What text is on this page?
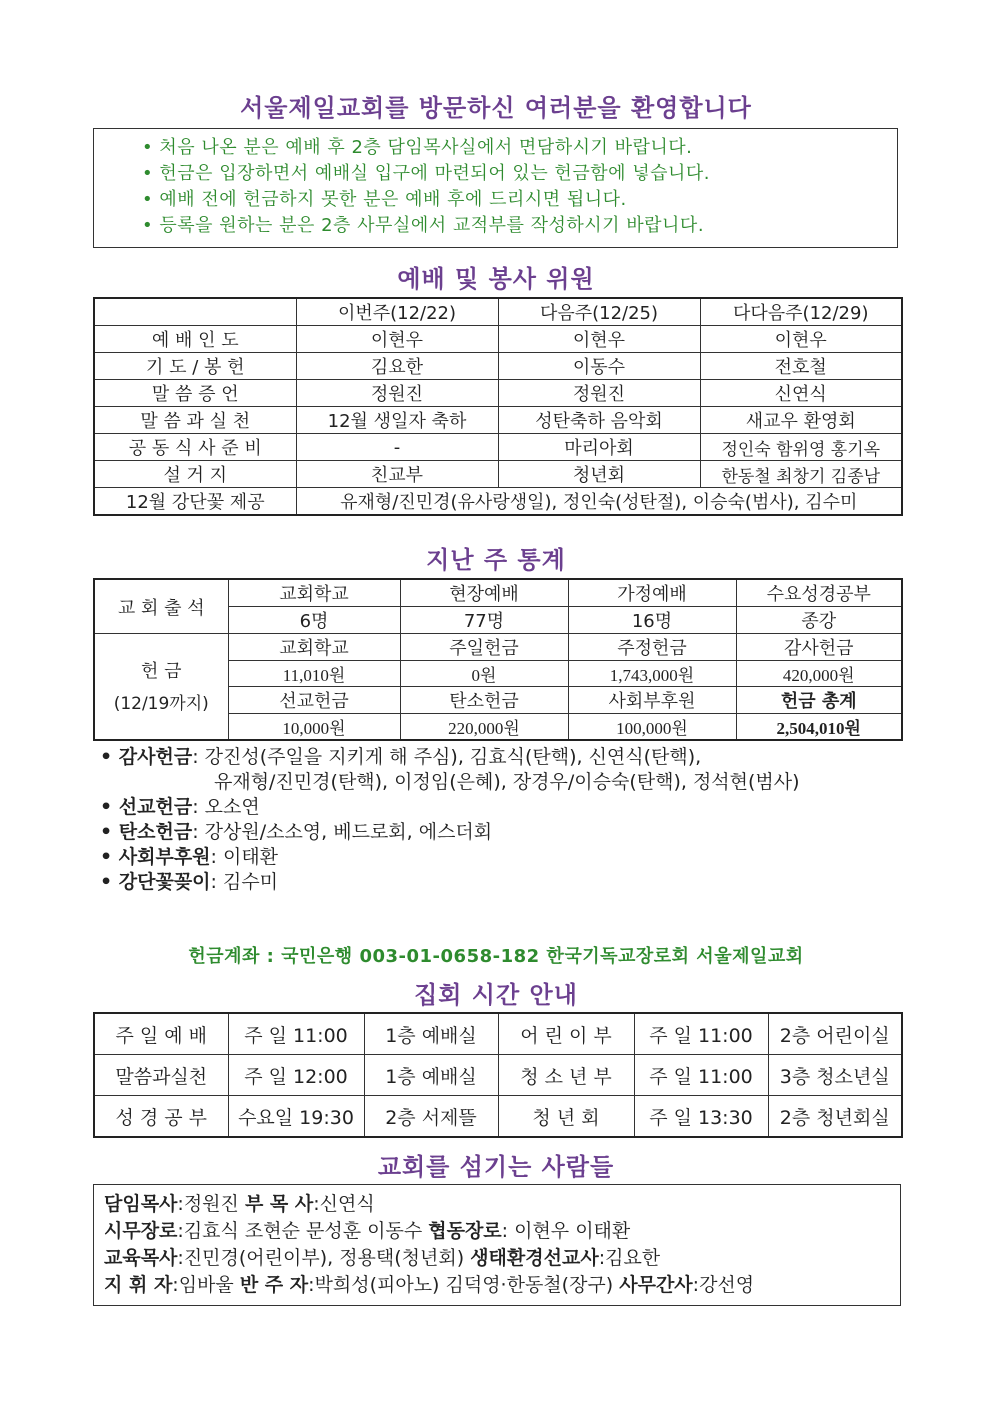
서울제일교회를 방문하신 여러분을 환영합니다
• 처음 나온 분은 예배 후 2층 담임목사실에서 면담하시기 바랍니다.
• 헌금은 입장하면서 예배실 입구에 마련되어 있는 헌금함에 넣습니다.
• 예배 전에 헌금하지 못한 분은 예배 후에 드리시면 됩니다.
• 등록을 원하는 분은 2층 사무실에서 교적부를 작성하시기 바랍니다.
예배 및 봉사 위원
	이번주(12/22)	다음주(12/25)	다다음주(12/29)
예 배 인 도	이현우	이현우	이현우
기 도 / 봉 헌	김요한	이동수	전호철
말 씀 증 언	정원진	정원진	신연식
말 씀 과 실 천	12월 생일자 축하	성탄축하 음악회	새교우 환영회
공 동 식 사 준 비	-	마리아회	정인숙 함위영 홍기옥
설 거 지	친교부	청년회	한동철 최창기 김종남
12월 강단꽃 제공	유재형/진민경(유사랑생일), 정인숙(성탄절), 이승숙(범사), 김수미		
지난 주 통계
교 회 출 석	교회학교	현장예배	가정예배	수요성경공부
	6명	77명	16명	종강

헌 금
(12/19까지)	교회학교	주일헌금	주정헌금	감사헌금
	11,010원	0원	1,743,000원	420,000원
	선교헌금	탄소헌금	사회부후원	헌금 총계
	10,000원	220,000원	100,000원	2,504,010원
• 감사헌금: 강진성(주일을 지키게 해 주심), 김효식(탄핵), 신연식(탄핵),
유재형/진민경(탄핵), 이정임(은혜), 장경우/이승숙(탄핵), 정석현(범사)
• 선교헌금: 오소연
• 탄소헌금: 강상원/소소영, 베드로회, 에스더회
• 사회부후원: 이태환
• 강단꽃꽂이: 김수미
헌금계좌 : 국민은행 003-01-0658-182 한국기독교장로회 서울제일교회
집회 시간 안내
주 일 예 배	주 일 11:00	1층 예배실	어 린 이 부	주 일 11:00	2층 어린이실
말씀과실천	주 일 12:00	1층 예배실	청 소 년 부	주 일 11:00	3층 청소년실
성 경 공 부	수요일 19:30	2층 서제뜰	청 년 회	주 일 13:30	2층 청년회실
교회를 섬기는 사람들
담임목사:정원진 부 목 사:신연식
시무장로:김효식 조현순 문성훈 이동수 협동장로: 이현우 이태환
교육목사:진민경(어린이부), 정용택(청년회) 생태환경선교사:김요한
지 휘 자:임바울 반 주 자:박희성(피아노) 김덕영·한동철(장구) 사무간사:강선영
